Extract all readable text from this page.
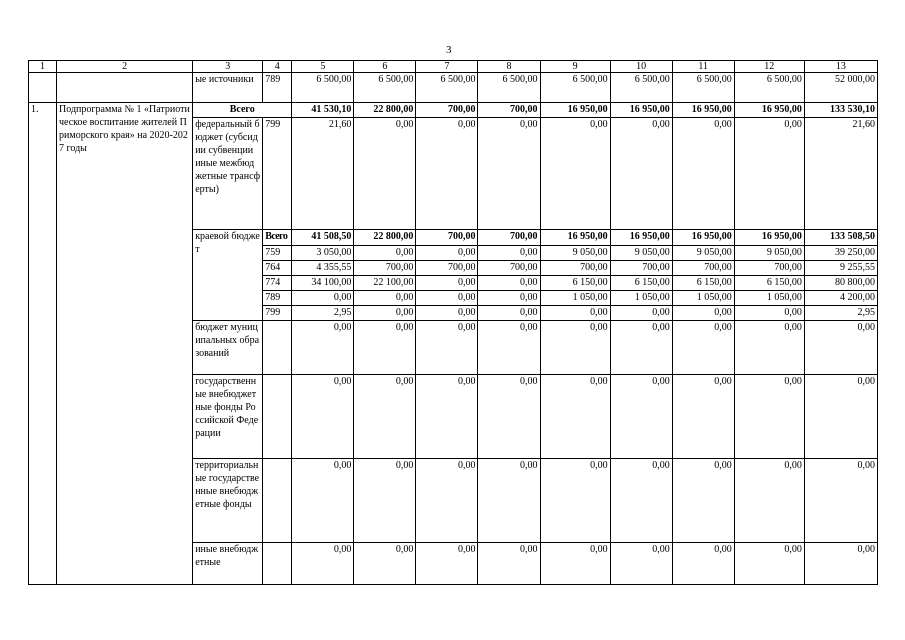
3
1	2	3	4	5	6	7	8	9	10	11	12	13

		ые источники	789	6 500,00	6 500,00	6 500,00	6 500,00	6 500,00	6 500,00	6 500,00	6 500,00	52 000,00
1.	Подпрограмма № 1 «Патриотическое воспитание жителей Приморского края» на 2020-2027 годы	Всего		41 530,10	22 800,00	700,00	700,00	16 950,00	16 950,00	16 950,00	16 950,00	133 530,10

		федеральный бюджет (субсидии субвенции иные межбюджетные трансферты)	799	21,60	0,00	0,00	0,00	0,00	0,00	0,00	0,00	21,60

		краевой бюджет	Всего	41 508,50	22 800,00	700,00	700,00	16 950,00	16 950,00	16 950,00	16 950,00	133 508,50
			759	3 050,00	0,00	0,00	0,00	9 050,00	9 050,00	9 050,00	9 050,00	39 250,00
			764	4 355,55	700,00	700,00	700,00	700,00	700,00	700,00	700,00	9 255,55
			774	34 100,00	22 100,00	0,00	0,00	6 150,00	6 150,00	6 150,00	6 150,00	80 800,00
			789	0,00	0,00	0,00	0,00	1 050,00	1 050,00	1 050,00	1 050,00	4 200,00
			799	2,95	0,00	0,00	0,00	0,00	0,00	0,00	0,00	2,95

		бюджет муниципальных образований		0,00	0,00	0,00	0,00	0,00	0,00	0,00	0,00	0,00

		государственные внебюджетные фонды Российской Федерации		0,00	0,00	0,00	0,00	0,00	0,00	0,00	0,00	0,00

		территориальные государственные внебюджетные фонды		0,00	0,00	0,00	0,00	0,00	0,00	0,00	0,00	0,00

		иные внебюджетные		0,00	0,00	0,00	0,00	0,00	0,00	0,00	0,00	0,00
